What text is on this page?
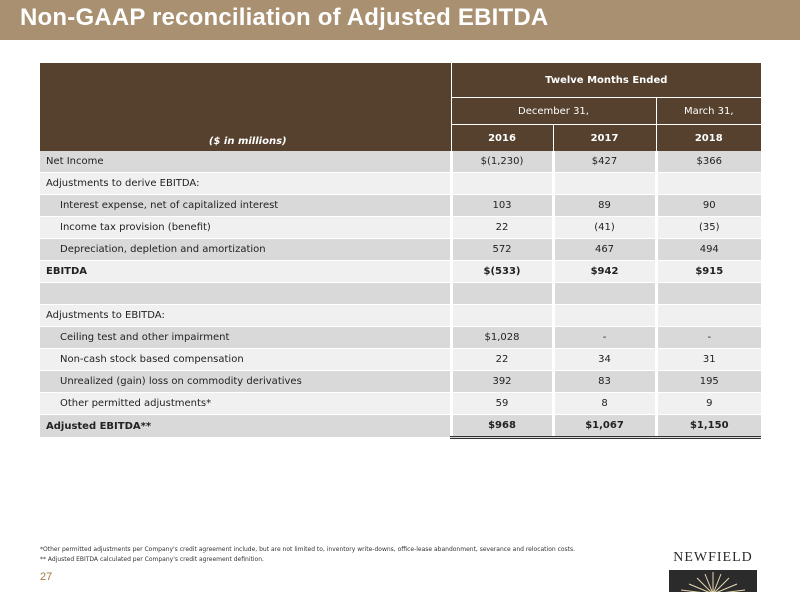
Non-GAAP reconciliation of Adjusted EBITDA
($ in millions)	Twelve Months Ended		
	December 31,		March 31,
	2016	2017	2018
Net Income	$(1,230)	$427	$366
Adjustments to derive EBITDA:			
Interest expense, net of capitalized interest	103	89	90
Income tax provision (benefit)	22	(41)	(35)
Depreciation, depletion and amortization	572	467	494
EBITDA	$(533)	$942	$915

Adjustments to EBITDA:			
Ceiling test and other impairment	$1,028	-	-
Non-cash stock based compensation	22	34	31
Unrealized (gain) loss on commodity derivatives	392	83	195
Other permitted adjustments*	59	8	9
Adjusted EBITDA**	$968	$1,067	$1,150
*Other permitted adjustments per Company's credit agreement include, but are not limited to, inventory write-downs, office-lease abandonment, severance and relocation costs.
** Adjusted EBITDA calculated per Company's credit agreement definition.
27
NEWFIELD
